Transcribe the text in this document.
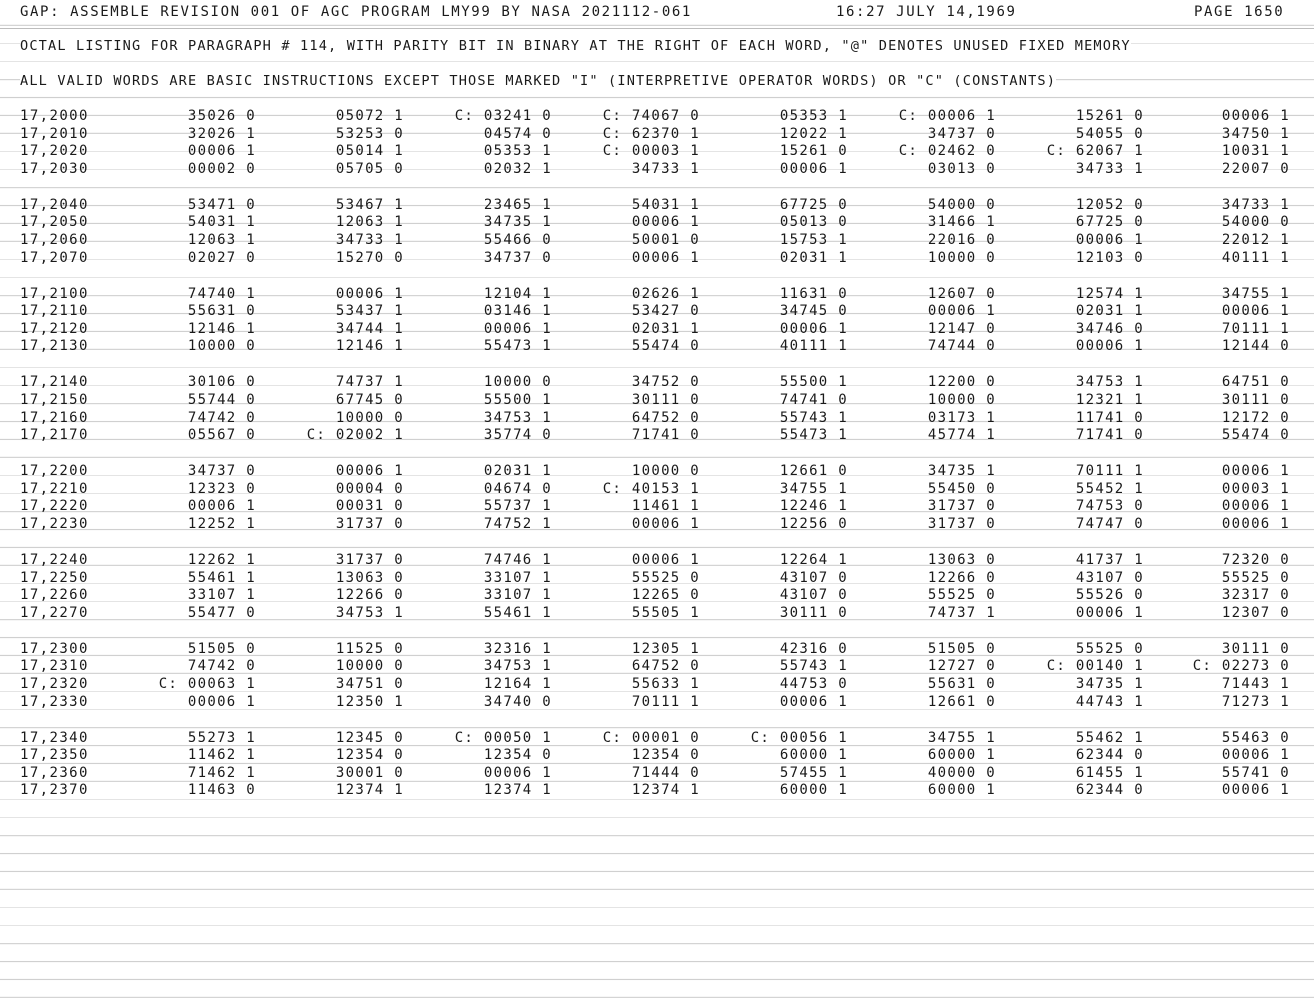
GAP: ASSEMBLE REVISION 001 OF AGC PROGRAM LMY99 BY NASA 2021112-061	16:27 JULY 14,1969	PAGE 1650
OCTAL LISTING FOR PARAGRAPH # 114, WITH PARITY BIT IN BINARY AT THE RIGHT OF EACH WORD, "@" DENOTES UNUSED FIXED MEMORY
ALL VALID WORDS ARE BASIC INSTRUCTIONS EXCEPT THOSE MARKED "I" (INTERPRETIVE OPERATOR WORDS) OR "C" (CONSTANTS)
17,2000	35026 0	05072 1	C: 03241 0	C: 74067 0	05353 1	C: 00006 1	15261 0	00006 1
17,2010	32026 1	53253 0	04574 0	C: 62370 1	12022 1	34737 0	54055 0	34750 1
17,2020	00006 1	05014 1	05353 1	C: 00003 1	15261 0	C: 02462 0	C: 62067 1	10031 1
17,2030	00002 0	05705 0	02032 1	34733 1	00006 1	03013 0	34733 1	22007 0
17,2040	53471 0	53467 1	23465 1	54031 1	67725 0	54000 0	12052 0	34733 1
17,2050	54031 1	12063 1	34735 1	00006 1	05013 0	31466 1	67725 0	54000 0
17,2060	12063 1	34733 1	55466 0	50001 0	15753 1	22016 0	00006 1	22012 1
17,2070	02027 0	15270 0	34737 0	00006 1	02031 1	10000 0	12103 0	40111 1
17,2100	74740 1	00006 1	12104 1	02626 1	11631 0	12607 0	12574 1	34755 1
17,2110	55631 0	53437 1	03146 1	53427 0	34745 0	00006 1	02031 1	00006 1
17,2120	12146 1	34744 1	00006 1	02031 1	00006 1	12147 0	34746 0	70111 1
17,2130	10000 0	12146 1	55473 1	55474 0	40111 1	74744 0	00006 1	12144 0
17,2140	30106 0	74737 1	10000 0	34752 0	55500 1	12200 0	34753 1	64751 0
17,2150	55744 0	67745 0	55500 1	30111 0	74741 0	10000 0	12321 1	30111 0
17,2160	74742 0	10000 0	34753 1	64752 0	55743 1	03173 1	11741 0	12172 0
17,2170	05567 0	C: 02002 1	35774 0	71741 0	55473 1	45774 1	71741 0	55474 0
17,2200	34737 0	00006 1	02031 1	10000 0	12661 0	34735 1	70111 1	00006 1
17,2210	12323 0	00004 0	04674 0	C: 40153 1	34755 1	55450 0	55452 1	00003 1
17,2220	00006 1	00031 0	55737 1	11461 1	12246 1	31737 0	74753 0	00006 1
17,2230	12252 1	31737 0	74752 1	00006 1	12256 0	31737 0	74747 0	00006 1
17,2240	12262 1	31737 0	74746 1	00006 1	12264 1	13063 0	41737 1	72320 0
17,2250	55461 1	13063 0	33107 1	55525 0	43107 0	12266 0	43107 0	55525 0
17,2260	33107 1	12266 0	33107 1	12265 0	43107 0	55525 0	55526 0	32317 0
17,2270	55477 0	34753 1	55461 1	55505 1	30111 0	74737 1	00006 1	12307 0
17,2300	51505 0	11525 0	32316 1	12305 1	42316 0	51505 0	55525 0	30111 0
17,2310	74742 0	10000 0	34753 1	64752 0	55743 1	12727 0	C: 00140 1	C: 02273 0
17,2320	C: 00063 1	34751 0	12164 1	55633 1	44753 0	55631 0	34735 1	71443 1
17,2330	00006 1	12350 1	34740 0	70111 1	00006 1	12661 0	44743 1	71273 1
17,2340	55273 1	12345 0	C: 00050 1	C: 00001 0	C: 00056 1	34755 1	55462 1	55463 0
17,2350	11462 1	12354 0	12354 0	12354 0	60000 1	60000 1	62344 0	00006 1
17,2360	71462 1	30001 0	00006 1	71444 0	57455 1	40000 0	61455 1	55741 0
17,2370	11463 0	12374 1	12374 1	12374 1	60000 1	60000 1	62344 0	00006 1
